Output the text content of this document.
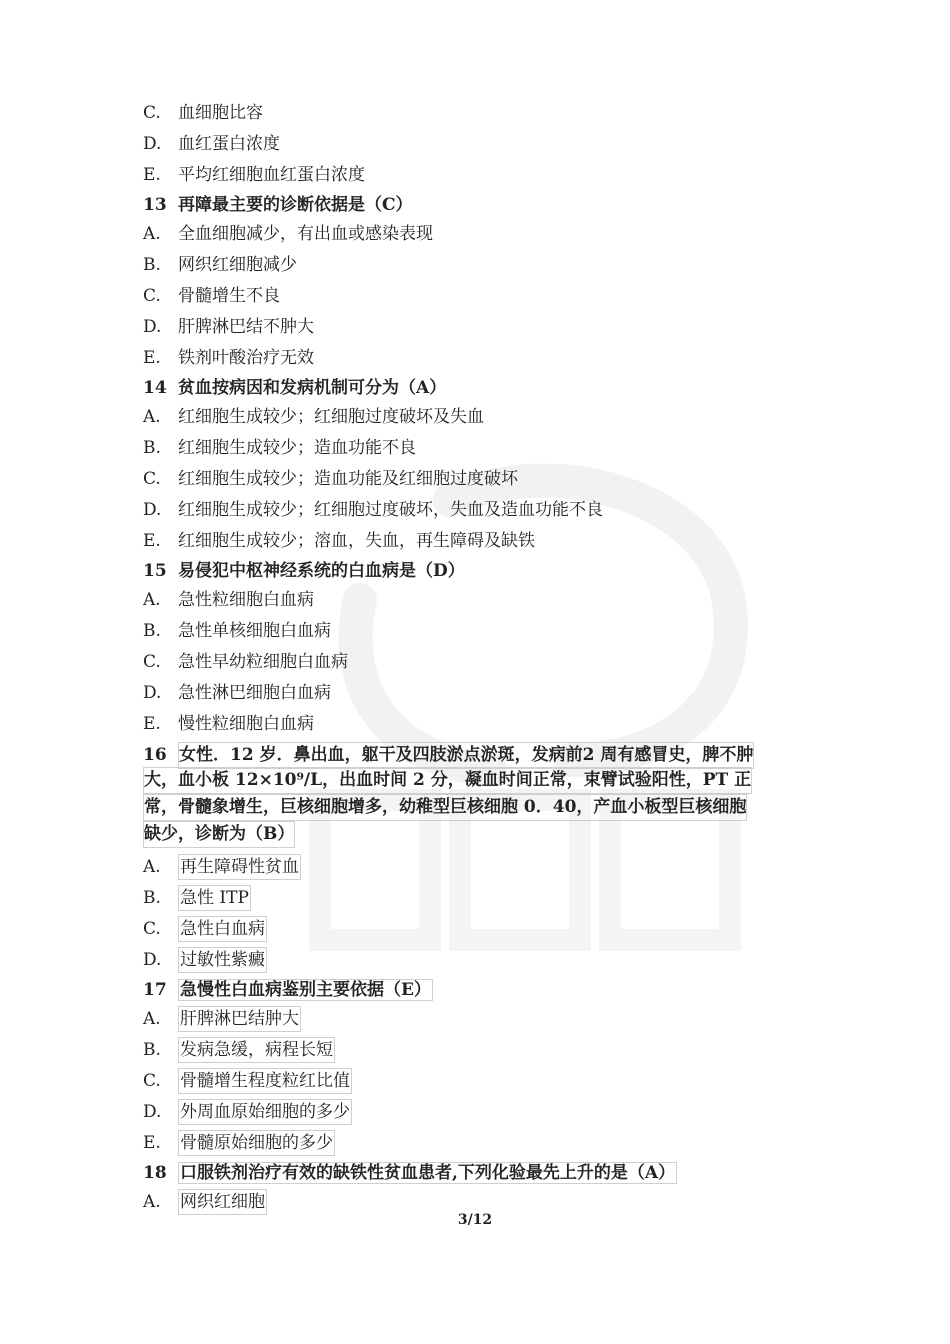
C. 血细胞比容
D. 血红蛋白浓度
E. 平均红细胞血红蛋白浓度
13 再障最主要的诊断依据是（C）
A. 全血细胞减少，有出血或感染表现
B. 网织红细胞减少
C. 骨髓增生不良
D. 肝脾淋巴结不肿大
E. 铁剂叶酸治疗无效
14 贫血按病因和发病机制可分为（A）
A. 红细胞生成较少；红细胞过度破坏及失血
B. 红细胞生成较少；造血功能不良
C. 红细胞生成较少；造血功能及红细胞过度破坏
D. 红细胞生成较少；红细胞过度破坏，失血及造血功能不良
E. 红细胞生成较少；溶血，失血，再生障碍及缺铁
15 易侵犯中枢神经系统的白血病是（D）
A. 急性粒细胞白血病
B. 急性单核细胞白血病
C. 急性早幼粒细胞白血病
D. 急性淋巴细胞白血病
E. 慢性粒细胞白血病
16 女性．12 岁．鼻出血，躯干及四肢淤点淤斑，发病前2 周有感冒史，脾不肿
大，血小板 12×10⁹/L，出血时间 2 分，凝血时间正常，束臂试验阳性，PT 正 常，骨髓象增生，巨核细胞增多，幼稚型巨核细胞 0．40，产血小板型巨核细胞
缺少，诊断为（B）
A. 再生障碍性贫血
B. 急性 ITP
C. 急性白血病
D. 过敏性紫癜
17 急慢性白血病鉴别主要依据（E）
A. 肝脾淋巴结肿大
B. 发病急缓，病程长短
C. 骨髓增生程度粒红比值
D. 外周血原始细胞的多少
E. 骨髓原始细胞的多少
18 口服铁剂治疗有效的缺铁性贫血患者,下列化验最先上升的是（A）
A. 网织红细胞
3/12
